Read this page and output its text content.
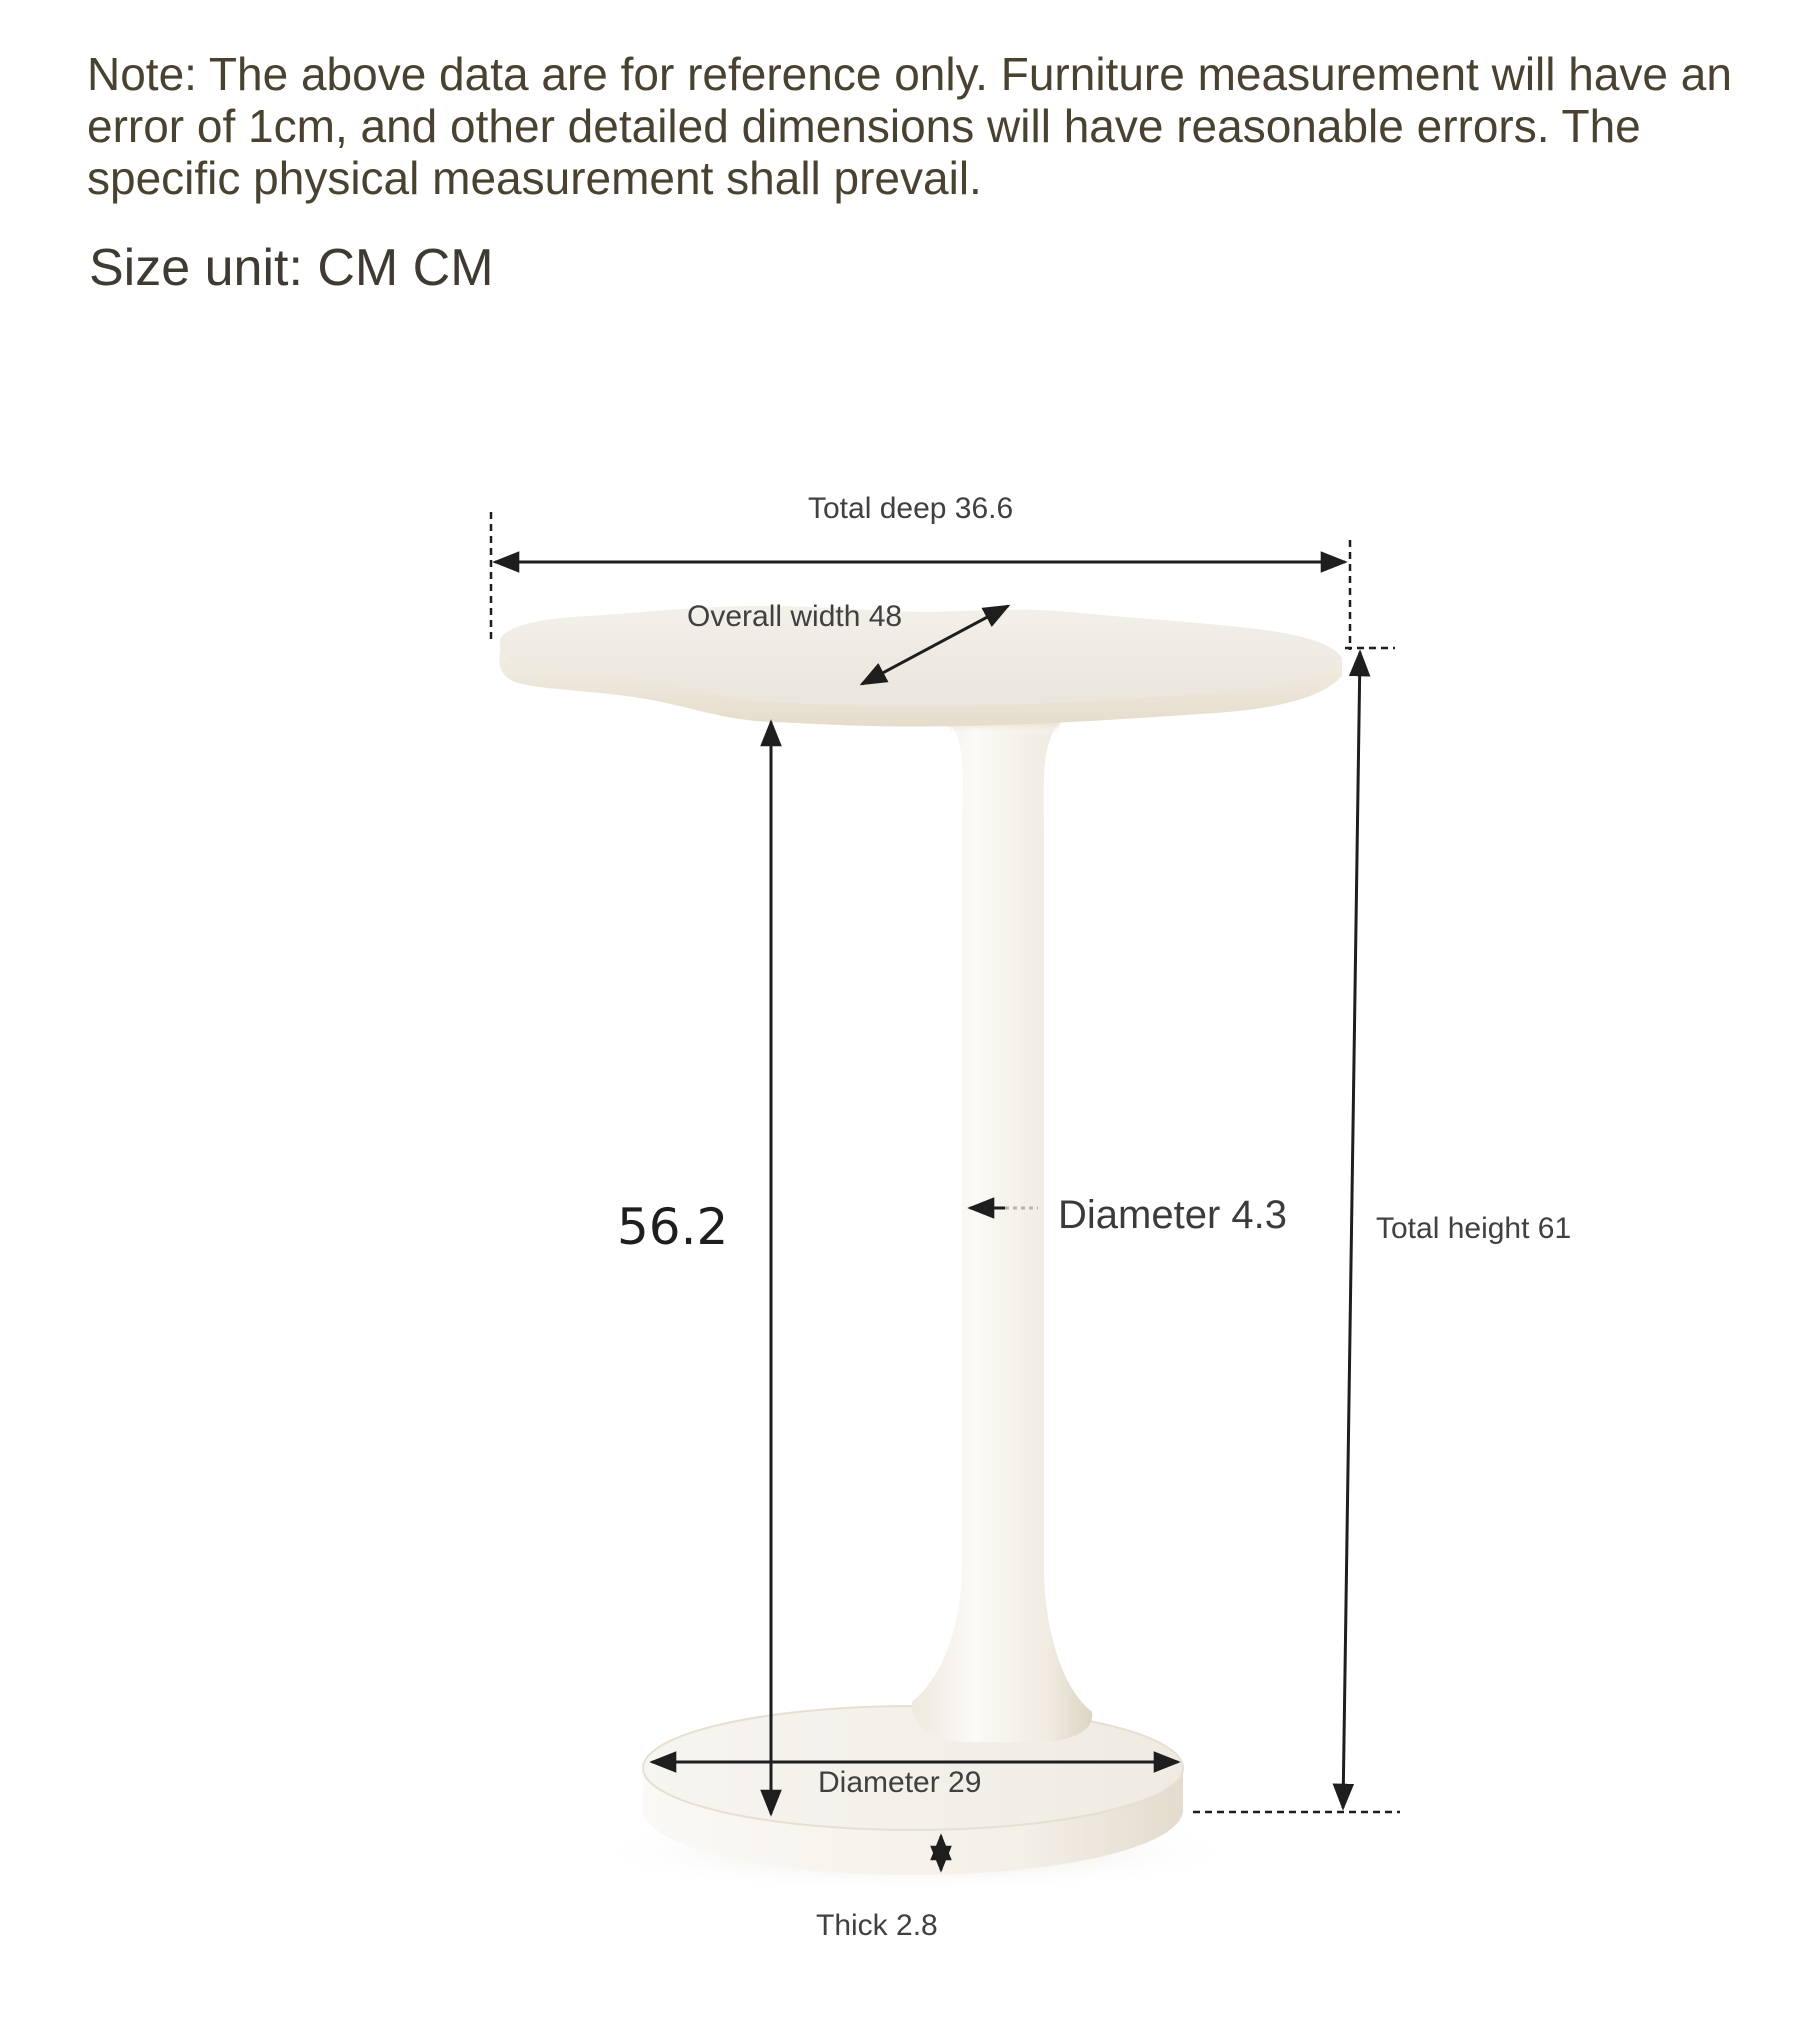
Note: The above data are for reference only. Furniture measurement will have an error of 1cm, and other detailed dimensions will have reasonable errors. The specific physical measurement shall prevail.

Size unit: CM CM

Total deep 36.6
Overall width 48
56.2	Diameter 4.3	Total height 61
Diameter 29
Thick 2.8
